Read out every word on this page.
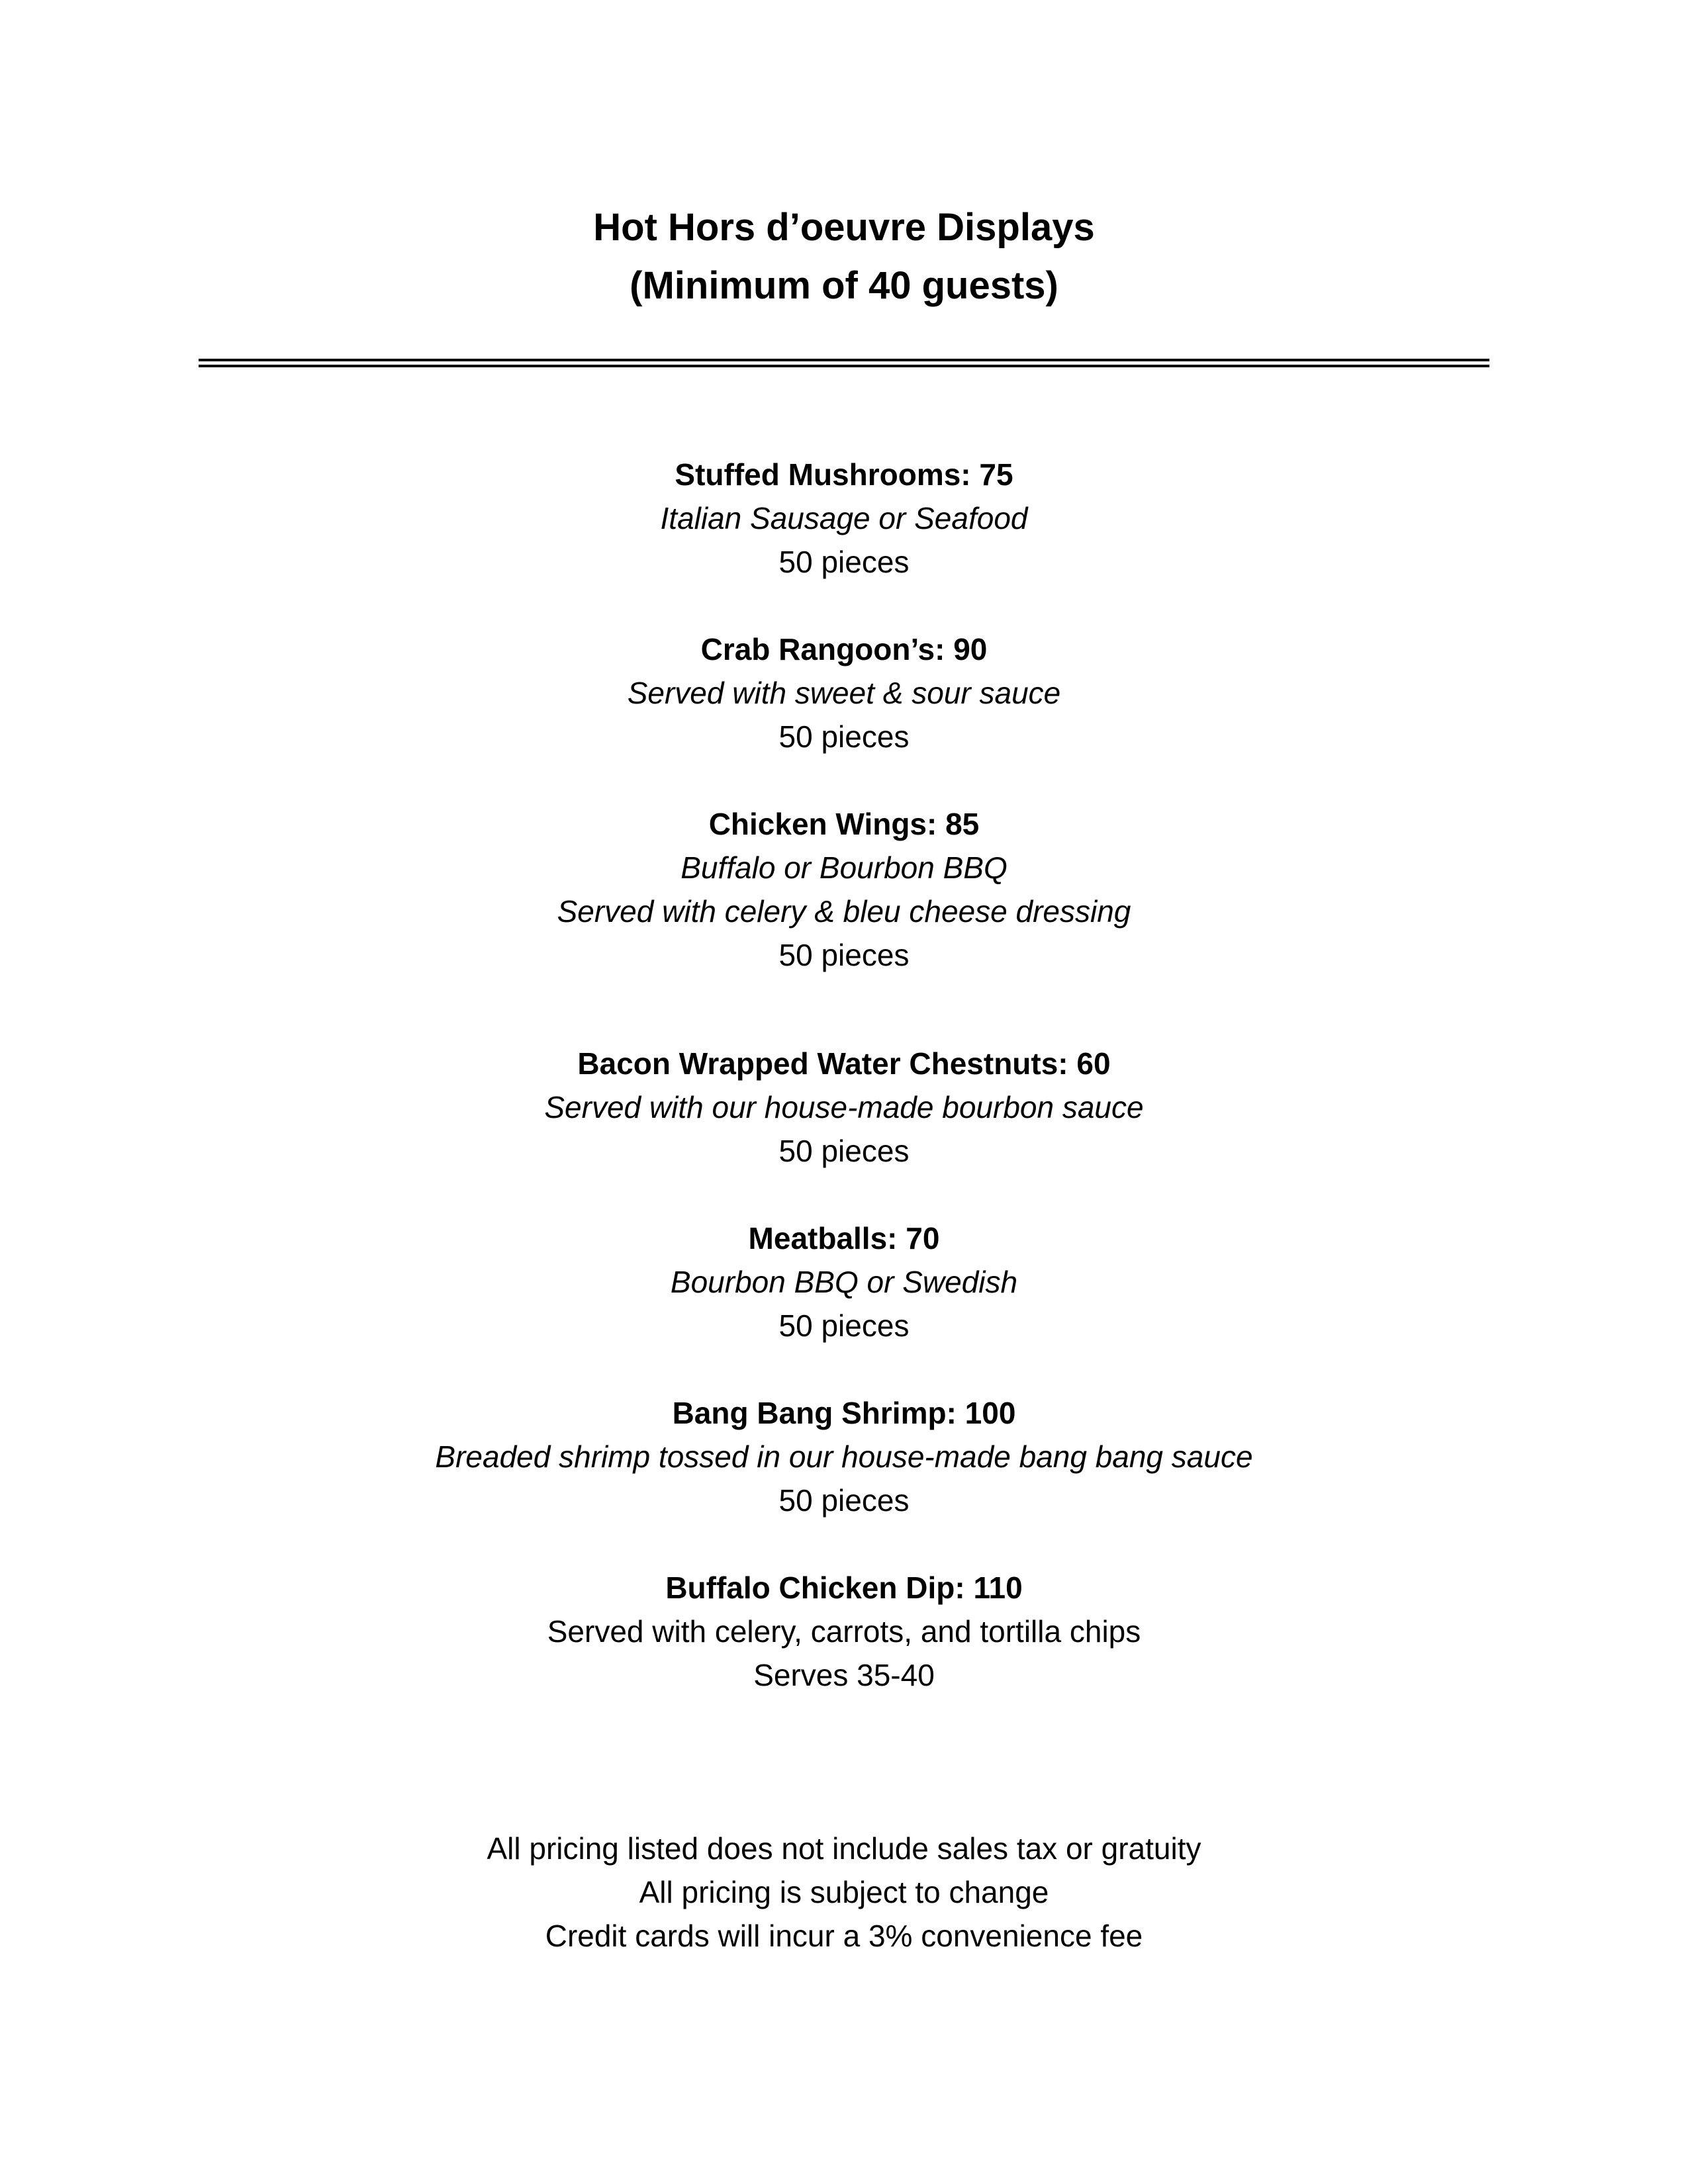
Hot Hors d’oeuvre Displays
(Minimum of 40 guests)
Stuffed Mushrooms: 75
Italian Sausage or Seafood
50 pieces
Crab Rangoon’s: 90
Served with sweet & sour sauce
50 pieces
Chicken Wings: 85
Buffalo or Bourbon BBQ
Served with celery & bleu cheese dressing
50 pieces
Bacon Wrapped Water Chestnuts: 60
Served with our house-made bourbon sauce
50 pieces
Meatballs: 70
Bourbon BBQ or Swedish
50 pieces
Bang Bang Shrimp: 100
Breaded shrimp tossed in our house-made bang bang sauce
50 pieces
Buffalo Chicken Dip: 110
Served with celery, carrots, and tortilla chips
Serves 35-40
All pricing listed does not include sales tax or gratuity
All pricing is subject to change
Credit cards will incur a 3% convenience fee
